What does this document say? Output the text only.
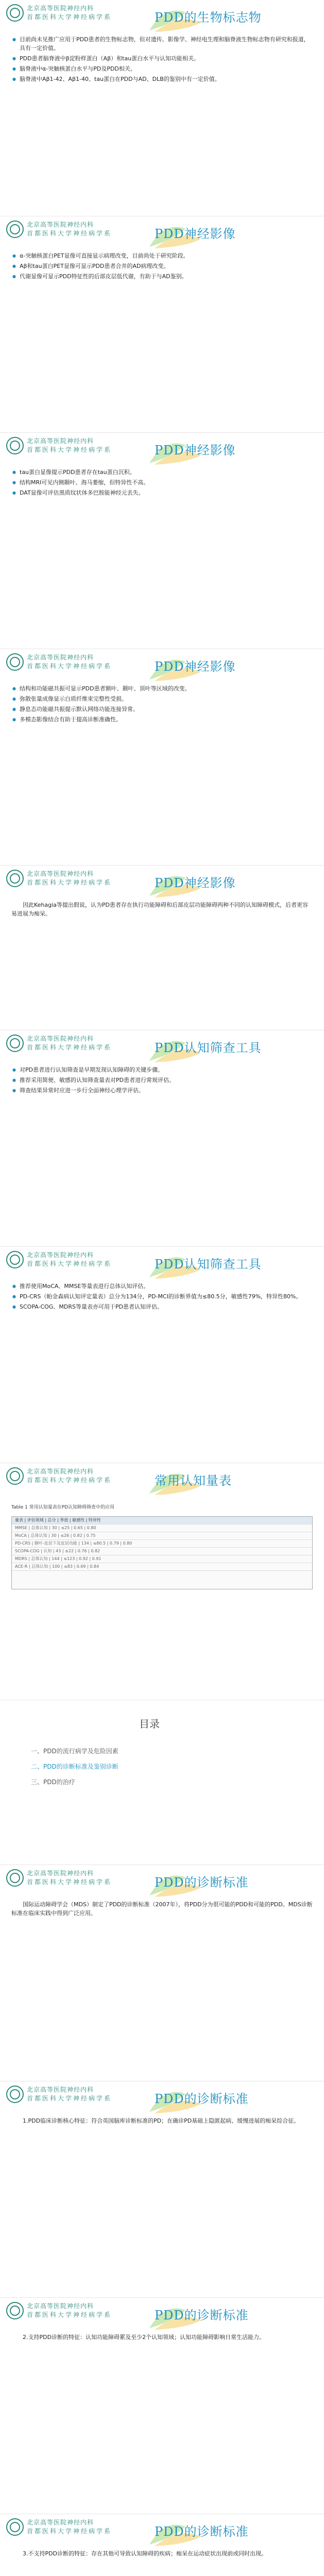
北京高等医院神经内科
首都医科大学神经病学系	PDD的生物标志物
● 目前尚未见推广应用于PDD患者的生物标志物，但对遗传、影像学、神经电生理和脑脊液生物标志物有研究和报道，具有一定价值。
● PDD患者脑脊液中β淀粉样蛋白（Aβ）和tau蛋白水平与认知功能相关。
● 脑脊液中α-突触核蛋白水平与PD及PDD相关。
● 脑脊液中Aβ1-42、Aβ1-40、tau蛋白在PDD与AD、DLB的鉴别中有一定价值。
北京高等医院神经内科
首都医科大学神经病学系	PDD神经影像
● α-突触核蛋白PET显像可直接显示病理改变，目前尚处于研究阶段。
● Aβ和tau蛋白PET显像可显示PDD患者合并的AD病理改变。
● 代谢显像可显示PDD特征性的后部皮层低代谢，有助于与AD鉴别。
北京高等医院神经内科
首都医科大学神经病学系	PDD神经影像
● tau蛋白显像提示PDD患者存在tau蛋白沉积。
● 结构MRI可见内侧颞叶、海马萎缩，但特异性不高。
● DAT显像可评估黑质纹状体多巴胺能神经元丢失。
北京高等医院神经内科
首都医科大学神经病学系	PDD神经影像
● 结构和功能磁共振可显示PDD患者额叶、颞叶、顶叶等区域的改变。
● 弥散张量成像显示白质纤维束完整性受损。
● 静息态功能磁共振提示默认网络功能连接异常。
● 多模态影像结合有助于提高诊断准确性。
北京高等医院神经内科
首都医科大学神经病学系	PDD神经影像

因此Kehagia等提出假说，认为PD患者存在执行功能障碍和后部皮层功能障碍两种不同的认知障碍模式，后者更容易进展为痴呆。

北京高等医院神经内科
首都医科大学神经病学系	PDD认知筛查工具
● 对PD患者进行认知筛查是早期发现认知障碍的关键步骤。
● 推荐采用简便、敏感的认知筛查量表对PD患者进行常规评估。
● 筛查结果异常时应进一步行全面神经心理学评估。
北京高等医院神经内科
首都医科大学神经病学系	PDD认知筛查工具
● 推荐使用MoCA、MMSE等量表进行总体认知评估。
● PD-CRS（帕金森病认知评定量表）总分为134分，PD-MCI的诊断界值为≤80.5分，敏感性79%，特异性80%。
● SCOPA-COG、MDRS等量表亦可用于PD患者认知评估。
北京高等医院神经内科
首都医科大学神经病学系	常用认知量表
Table 1 常用认知量表在PD认知障碍筛查中的应用
量表 | 评估领域 | 总分 | 界值 | 敏感性 | 特异性
MMSE | 总体认知 | 30 | ≤25 | 0.65 | 0.80
MoCA | 总体认知 | 30 | ≤26 | 0.82 | 0.75
PD-CRS | 额叶-皮层下及皮层功能 | 134 | ≤80.5 | 0.79 | 0.80
SCOPA-COG | 认知 | 43 | ≤22 | 0.76 | 0.82
MDRS | 总体认知 | 144 | ≤123 | 0.92 | 0.91
ACE-R | 总体认知 | 100 | ≤83 | 0.69 | 0.84
目录
一、PDD的流行病学及危险因素
二、PDD的诊断标准及鉴别诊断
三、PDD的治疗
北京高等医院神经内科
首都医科大学神经病学系	PDD的诊断标准

国际运动障碍学会（MDS）制定了PDD的诊断标准（2007年），将PDD分为很可能的PDD和可能的PDD。MDS诊断标准在临床实践中得到广泛应用。

北京高等医院神经内科
首都医科大学神经病学系	PDD的诊断标准

1.PDD临床诊断核心特征：符合英国脑库诊断标准的PD；在确诊PD基础上隐匿起病、缓慢进展的痴呆综合征。

北京高等医院神经内科
首都医科大学神经病学系	PDD的诊断标准

2.支持PDD诊断的特征：认知功能障碍累及至少2个认知领域；认知功能障碍影响日常生活能力。

北京高等医院神经内科
首都医科大学神经病学系	PDD的诊断标准

3.不支持PDD诊断的特征：存在其他可导致认知障碍的疾病；痴呆在运动症状出现前或同时出现。
